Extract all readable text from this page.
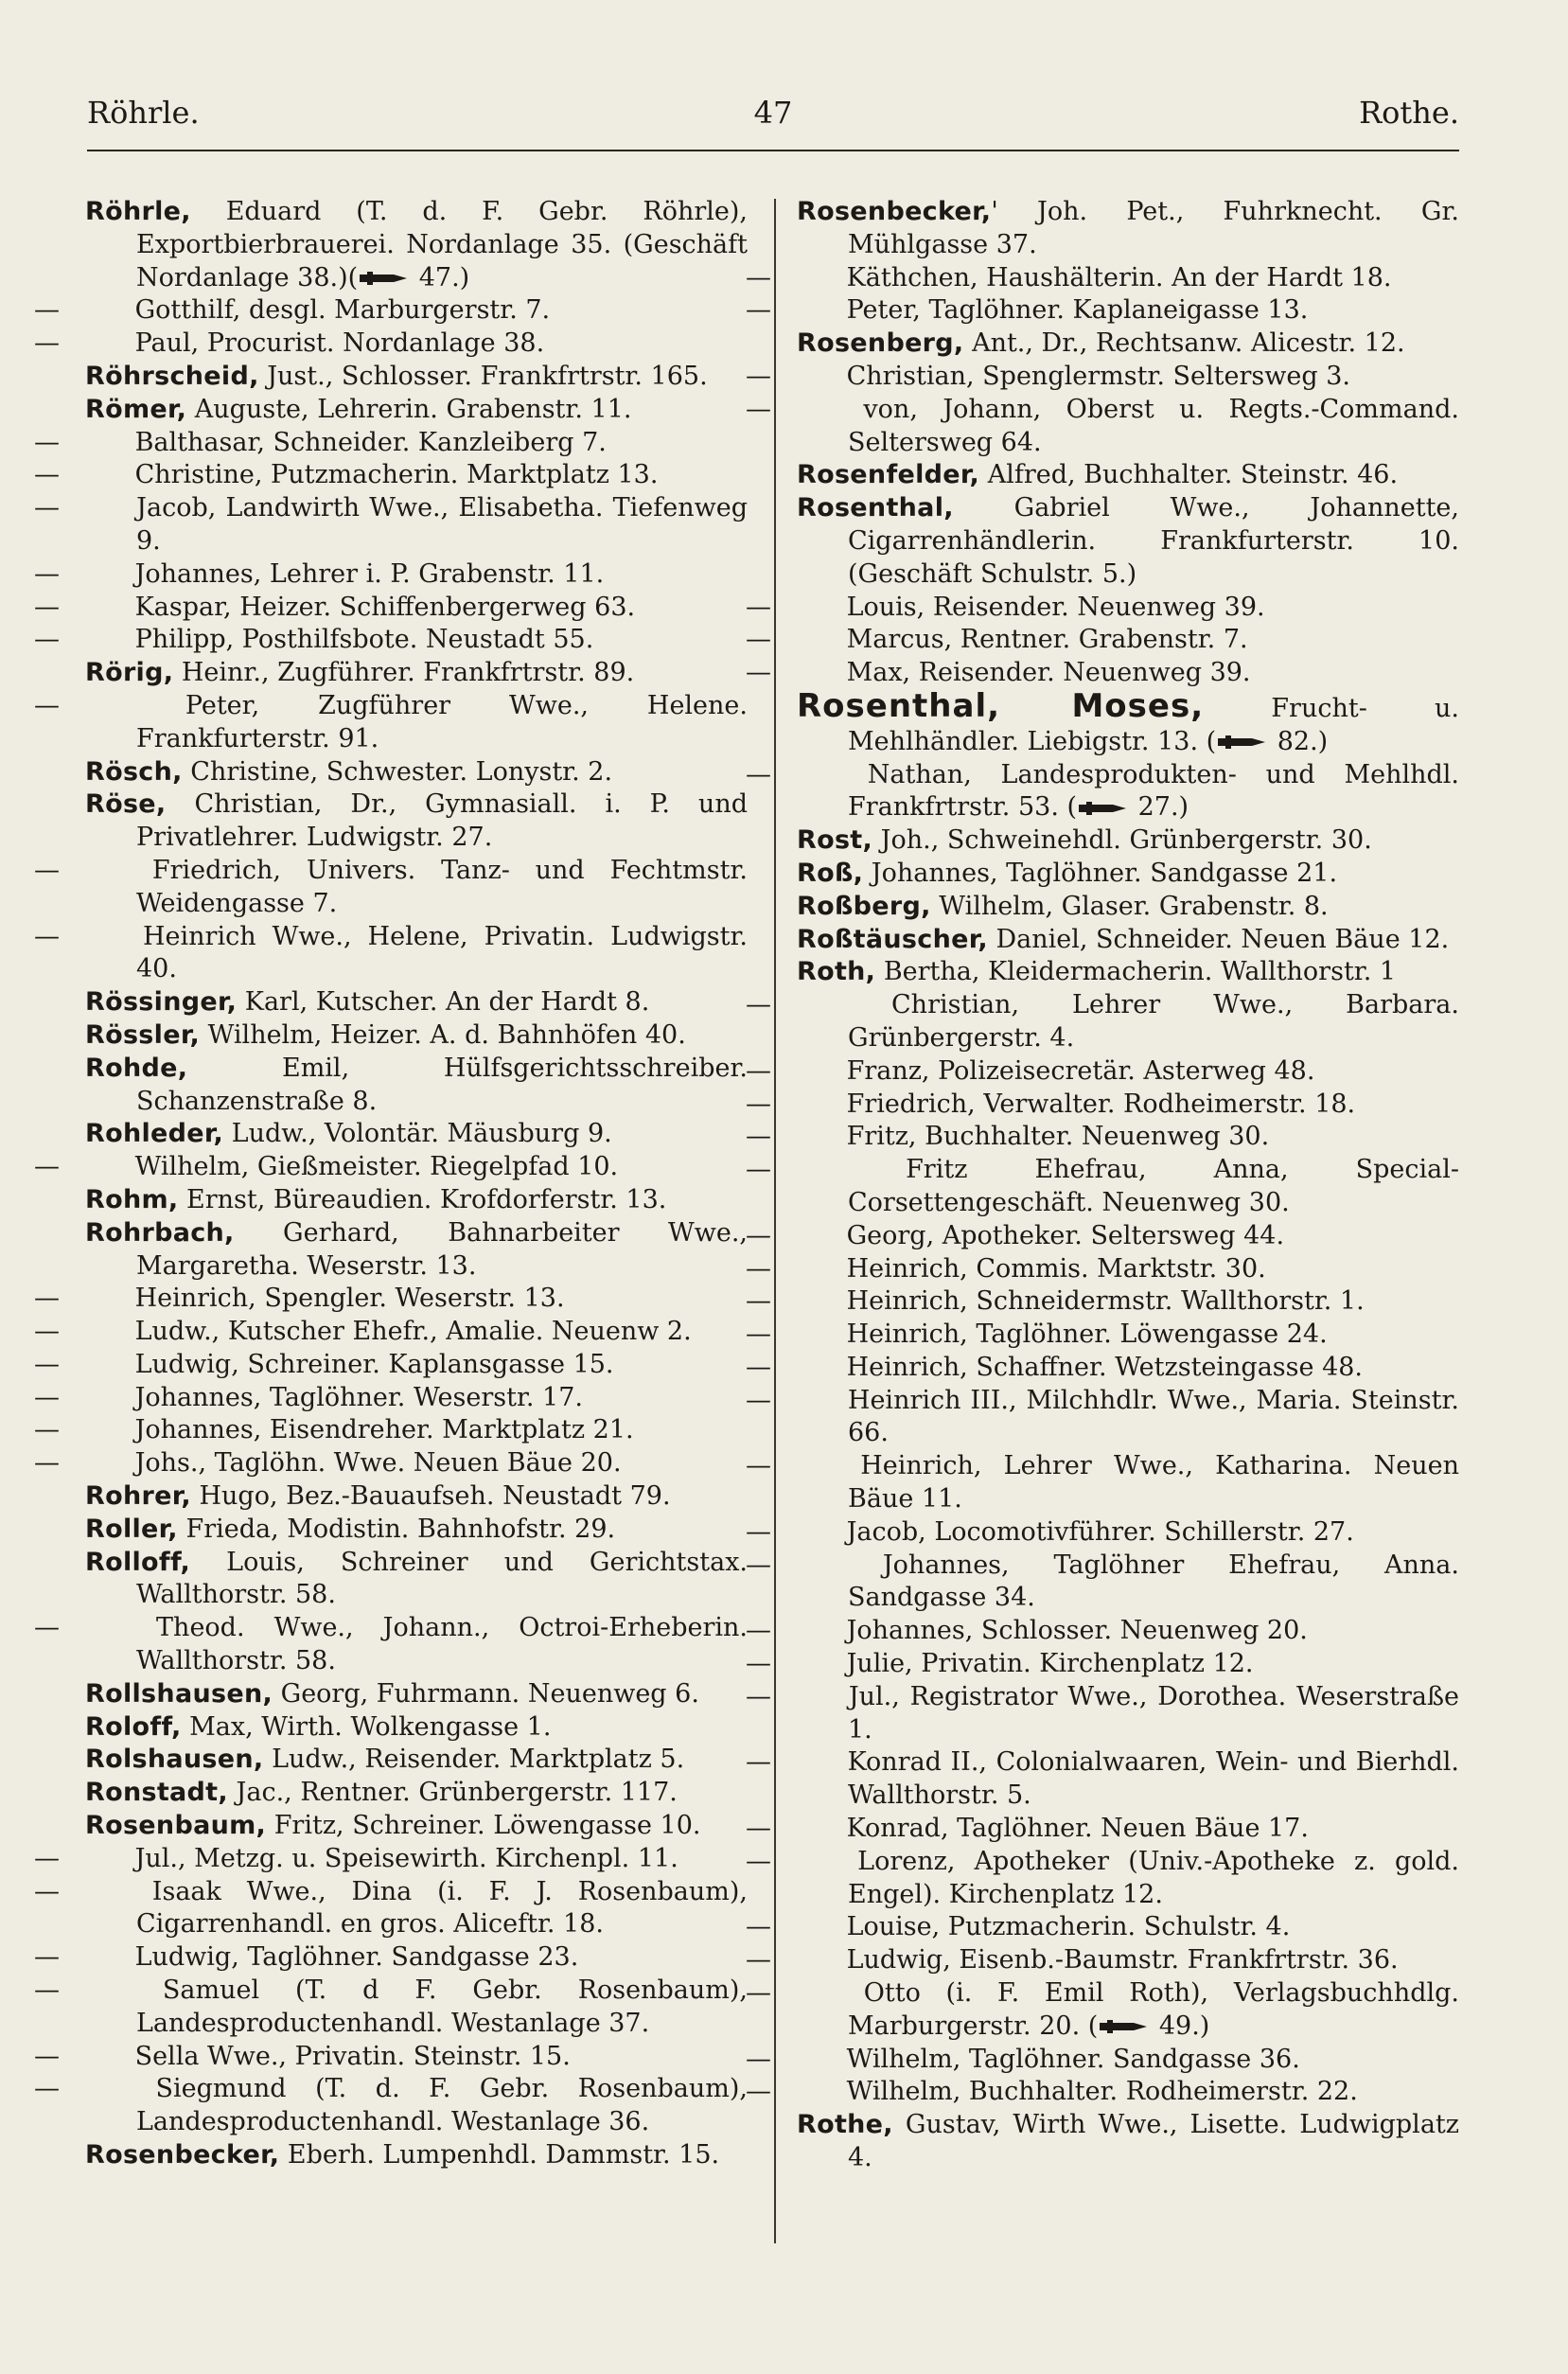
Röhrle.	47	Rothe.
Röhrle, Eduard (T. d. F. Gebr. Röhrle), Exportbierbrauerei. Nordanlage 35. (Geschäft Nordanlage 38.)( 47.)
—	Gotthilf, desgl. Marburgerstr. 7.
—	Paul, Procurist. Nordanlage 38.
Röhrscheid, Just., Schlosser. Frankfrtrstr. 165.
Römer, Auguste, Lehrerin. Grabenstr. 11.
—	Balthasar, Schneider. Kanzleiberg 7.
—	Christine, Putzmacherin. Marktplatz 13.
—	Jacob, Landwirth Wwe., Elisabetha. Tiefenweg 9.
—	Johannes, Lehrer i. P. Grabenstr. 11.
—	Kaspar, Heizer. Schiffenbergerweg 63.
—	Philipp, Posthilfsbote. Neustadt 55.
Rörig, Heinr., Zugführer. Frankfrtrstr. 89.
—	Peter, Zugführer Wwe., Helene. Frankfurterstr. 91.
Rösch, Christine, Schwester. Lonystr. 2.
Röse, Christian, Dr., Gymnasiall. i. P. und Privatlehrer. Ludwigstr. 27.
—	Friedrich, Univers. Tanz- und Fechtmstr. Weidengasse 7.
—	Heinrich Wwe., Helene, Privatin. Ludwigstr. 40.
Rössinger, Karl, Kutscher. An der Hardt 8.
Rössler, Wilhelm, Heizer. A. d. Bahnhöfen 40.
Rohde, Emil, Hülfsgerichtsschreiber. Schanzenstraße 8.
Rohleder, Ludw., Volontär. Mäusburg 9.
—	Wilhelm, Gießmeister. Riegelpfad 10.
Rohm, Ernst, Büreaudien. Krofdorferstr. 13.
Rohrbach, Gerhard, Bahnarbeiter Wwe., Margaretha. Weserstr. 13.
—	Heinrich, Spengler. Weserstr. 13.
—	Ludw., Kutscher Ehefr., Amalie. Neuenw 2.
—	Ludwig, Schreiner. Kaplansgasse 15.
—	Johannes, Taglöhner. Weserstr. 17.
—	Johannes, Eisendreher. Marktplatz 21.
—	Johs., Taglöhn. Wwe. Neuen Bäue 20.
Rohrer, Hugo, Bez.-Bauaufseh. Neustadt 79.
Roller, Frieda, Modistin. Bahnhofstr. 29.
Rolloff, Louis, Schreiner und Gerichtstax. Wallthorstr. 58.
—	Theod. Wwe., Johann., Octroi-Erheberin. Wallthorstr. 58.
Rollshausen, Georg, Fuhrmann. Neuenweg 6.
Roloff, Max, Wirth. Wolkengasse 1.
Rolshausen, Ludw., Reisender. Marktplatz 5.
Ronstadt, Jac., Rentner. Grünbergerstr. 117.
Rosenbaum, Fritz, Schreiner. Löwengasse 10.
—	Jul., Metzg. u. Speisewirth. Kirchenpl. 11.
—	Isaak Wwe., Dina (i. F. J. Rosenbaum), Cigarrenhandl. en gros. Aliceftr. 18.
—	Ludwig, Taglöhner. Sandgasse 23.
—	Samuel (T. d F. Gebr. Rosenbaum), Landesproductenhandl. Westanlage 37.
—	Sella Wwe., Privatin. Steinstr. 15.
—	Siegmund (T. d. F. Gebr. Rosenbaum), Landesproductenhandl. Westanlage 36.
Rosenbecker, Eberh. Lumpenhdl. Dammstr. 15.
Rosenbecker,' Joh. Pet., Fuhrknecht. Gr. Mühlgasse 37.
—	Käthchen, Haushälterin. An der Hardt 18.
—	Peter, Taglöhner. Kaplaneigasse 13.
Rosenberg, Ant., Dr., Rechtsanw. Alicestr. 12.
—	Christian, Spenglermstr. Seltersweg 3.
—	von, Johann, Oberst u. Regts.-Command. Seltersweg 64.
Rosenfelder, Alfred, Buchhalter. Steinstr. 46.
Rosenthal, Gabriel Wwe., Johannette, Cigarrenhändlerin. Frankfurterstr. 10. (Geschäft Schulstr. 5.)
—	Louis, Reisender. Neuenweg 39.
—	Marcus, Rentner. Grabenstr. 7.
—	Max, Reisender. Neuenweg 39.
Rosenthal, Moses, Frucht- u. Mehlhändler. Liebigstr. 13. ( 82.)
—	Nathan, Landesprodukten- und Mehlhdl. Frankfrtrstr. 53. ( 27.)
Rost, Joh., Schweinehdl. Grünbergerstr. 30.
Roß, Johannes, Taglöhner. Sandgasse 21.
Roßberg, Wilhelm, Glaser. Grabenstr. 8.
Roßtäuscher, Daniel, Schneider. Neuen Bäue 12.
Roth, Bertha, Kleidermacherin. Wallthorstr. 1
—	Christian, Lehrer Wwe., Barbara. Grünbergerstr. 4.
—	Franz, Polizeisecretär. Asterweg 48.
—	Friedrich, Verwalter. Rodheimerstr. 18.
—	Fritz, Buchhalter. Neuenweg 30.
—	Fritz Ehefrau, Anna, Special-Corsettengeschäft. Neuenweg 30.
—	Georg, Apotheker. Seltersweg 44.
—	Heinrich, Commis. Marktstr. 30.
—	Heinrich, Schneidermstr. Wallthorstr. 1.
—	Heinrich, Taglöhner. Löwengasse 24.
—	Heinrich, Schaffner. Wetzsteingasse 48.
—	Heinrich III., Milchhdlr. Wwe., Maria. Steinstr. 66.
—	Heinrich, Lehrer Wwe., Katharina. Neuen Bäue 11.
—	Jacob, Locomotivführer. Schillerstr. 27.
—	Johannes, Taglöhner Ehefrau, Anna. Sandgasse 34.
—	Johannes, Schlosser. Neuenweg 20.
—	Julie, Privatin. Kirchenplatz 12.
—	Jul., Registrator Wwe., Dorothea. Weserstraße 1.
—	Konrad II., Colonialwaaren, Wein- und Bierhdl. Wallthorstr. 5.
—	Konrad, Taglöhner. Neuen Bäue 17.
—	Lorenz, Apotheker (Univ.-Apotheke z. gold. Engel). Kirchenplatz 12.
—	Louise, Putzmacherin. Schulstr. 4.
—	Ludwig, Eisenb.-Baumstr. Frankfrtrstr. 36.
—	Otto (i. F. Emil Roth), Verlagsbuchhdlg. Marburgerstr. 20. ( 49.)
—	Wilhelm, Taglöhner. Sandgasse 36.
—	Wilhelm, Buchhalter. Rodheimerstr. 22.
Rothe, Gustav, Wirth Wwe., Lisette. Ludwigplatz 4.
